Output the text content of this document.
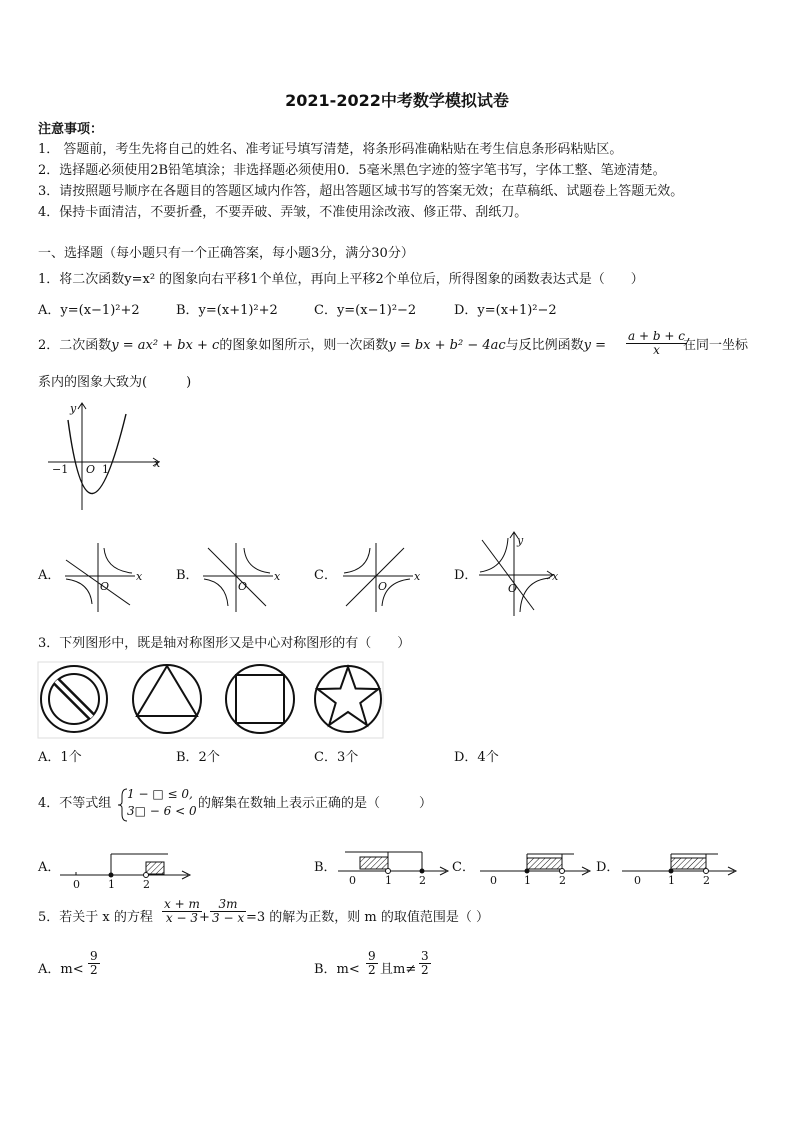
2021-2022中考数学模拟试卷
注意事项：
1． 答题前，考生先将自己的姓名、准考证号填写清楚，将条形码准确粘贴在考生信息条形码粘贴区。
2．选择题必须使用2B铅笔填涂；非选择题必须使用0．5毫米黑色字迹的签字笔书写，字体工整、笔迹清楚。
3．请按照题号顺序在各题目的答题区域内作答，超出答题区域书写的答案无效；在草稿纸、试题卷上答题无效。
4．保持卡面清洁，不要折叠，不要弄破、弄皱，不准使用涂改液、修正带、刮纸刀。
一、选择题（每小题只有一个正确答案，每小题3分，满分30分）
1．将二次函数y=x² 的图象向右平移1个单位，再向上平移2个单位后，所得图象的函数表达式是（　　）
A．y=(x−1)²+2	B．y=(x+1)²+2	C．y=(x−1)²−2	D．y=(x+1)²−2
2．二次函数y = ax² + bx + c的图象如图所示，则一次函数y = bx + b² − 4ac与反比例函数$y = \frac{a + b + c}{x}$
在同一坐标
系内的图象大致为(　　　)
y
x
O
−1	1
A．	x
O
B．	x
O
C．	x
O
D．	x
y
O
3．下列图形中，既是轴对称图形又是中心对称图形的有（　　）
A．1个	B．2个	C．3个	D．4个
4．不等式组
1 − □ ≤ 0,
3□ − 6 < 0 的解集在数轴上表示正确的是（　　　）
A．	B．	C．	D．
0	1	2	0	1 2	0 1	2	0 1	2
5．若关于 x 的方程 $\frac{x + m}{x - 3}$
+ $\frac{3m}{3 - x} =3$ 的解为正数，则 m 的取值范围是（ ）
A．$m< \frac{9}{2}$	B．$m< \frac{9}{2}$ 且$m\ne \frac{3}{2}$
